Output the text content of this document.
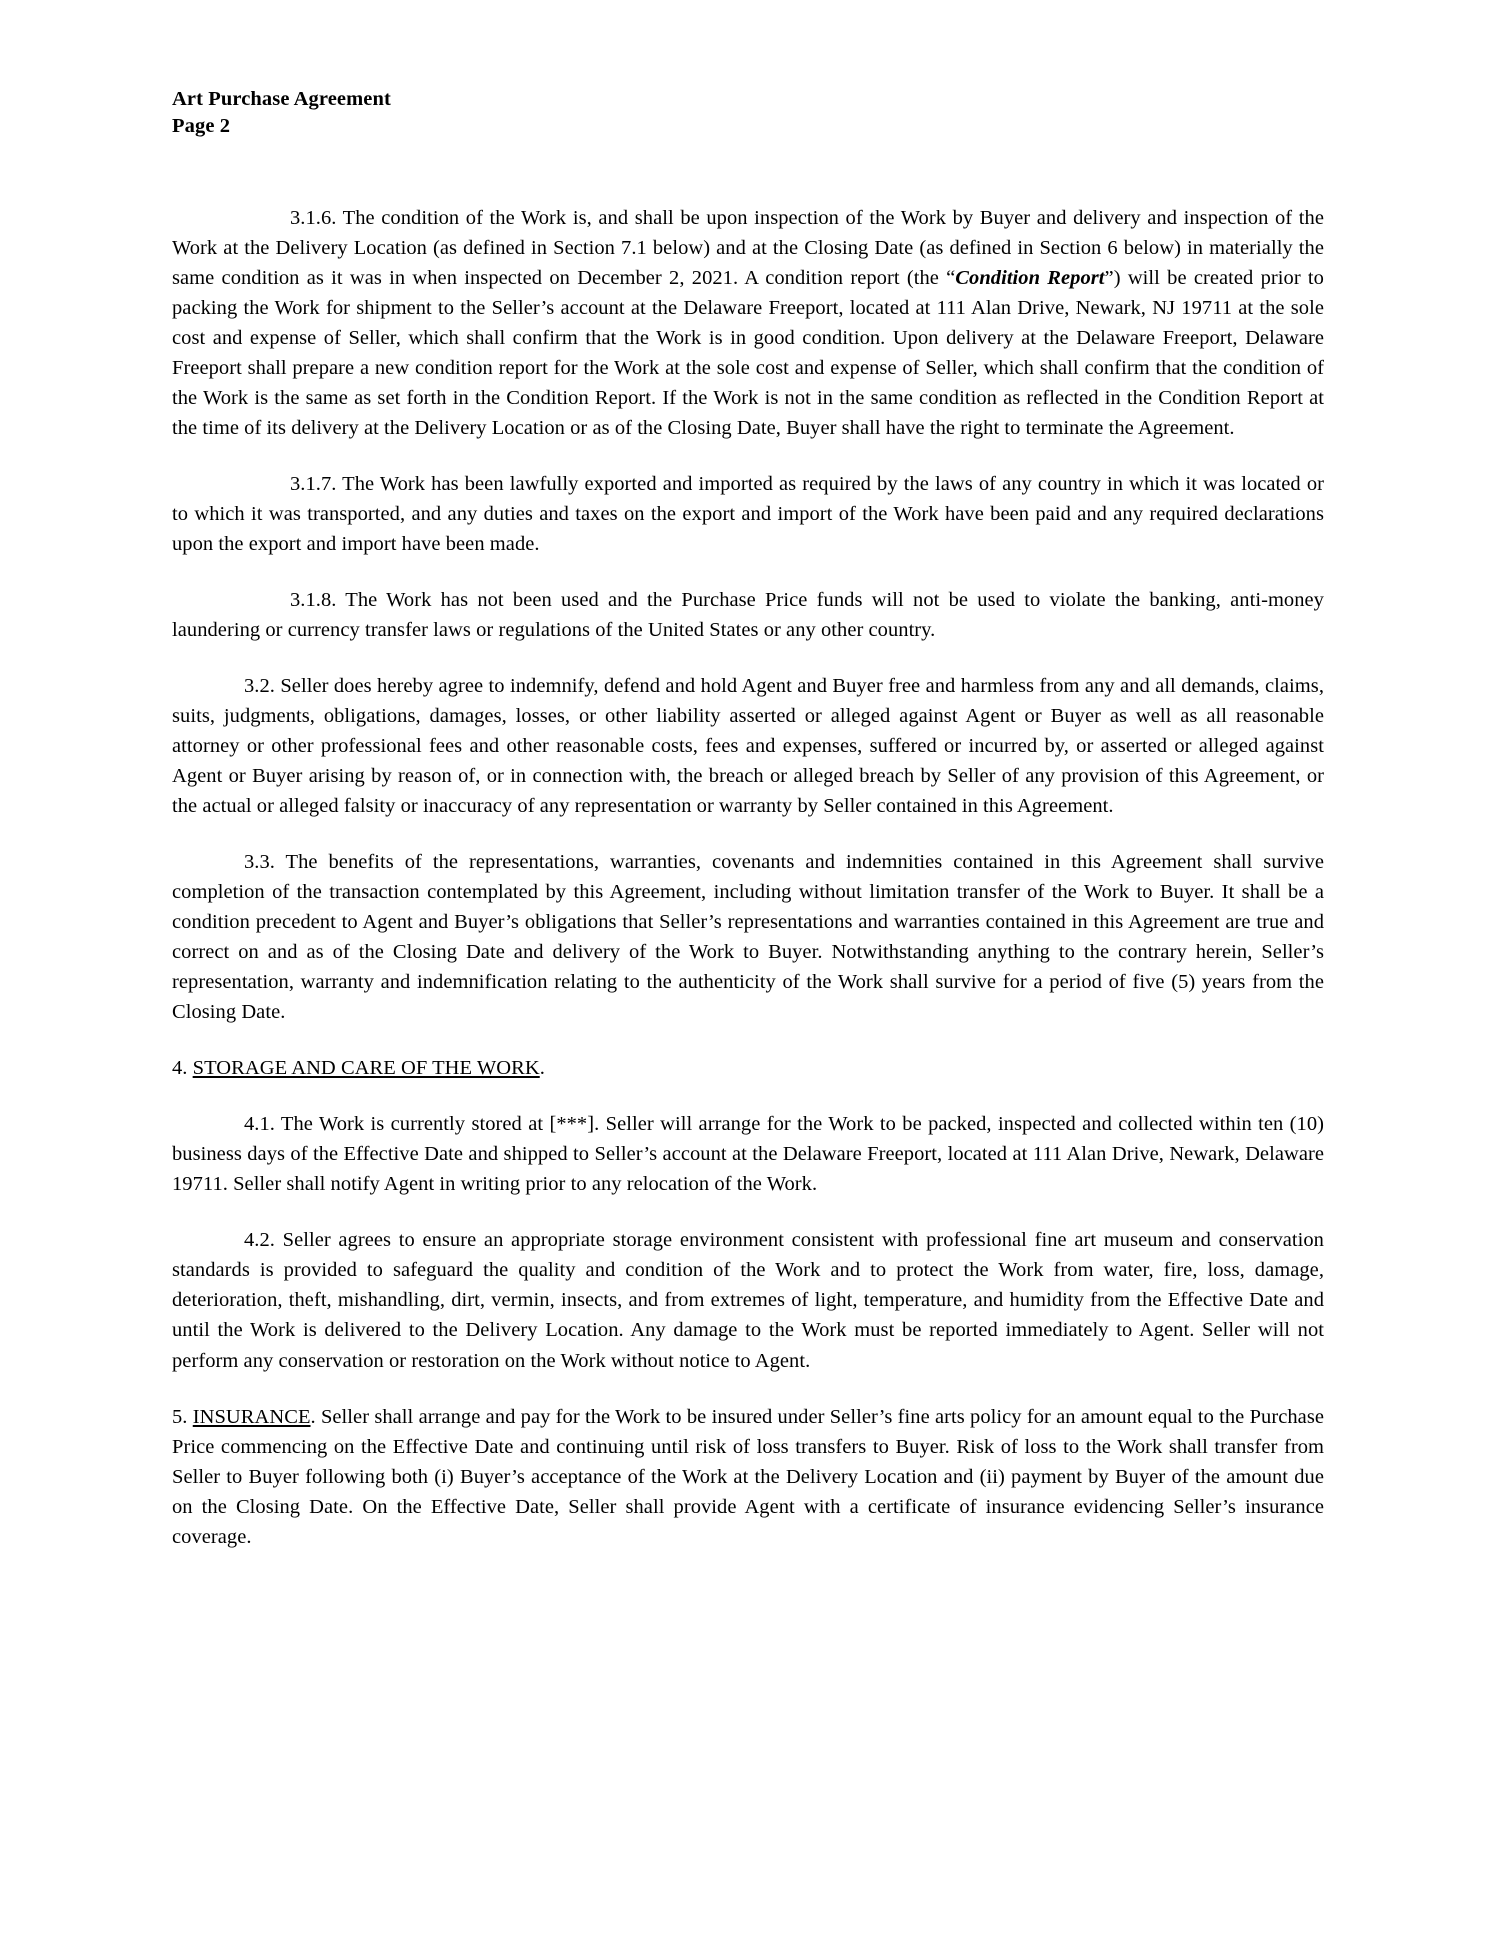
Art Purchase Agreement
Page 2

3.1.6. The condition of the Work is, and shall be upon inspection of the Work by Buyer and delivery and inspection of the Work at the Delivery Location (as defined in Section 7.1 below) and at the Closing Date (as defined in Section 6 below) in materially the same condition as it was in when inspected on December 2, 2021. A condition report (the “Condition Report”) will be created prior to packing the Work for shipment to the Seller’s account at the Delaware Freeport, located at 111 Alan Drive, Newark, NJ 19711 at the sole cost and expense of Seller, which shall confirm that the Work is in good condition. Upon delivery at the Delaware Freeport, Delaware Freeport shall prepare a new condition report for the Work at the sole cost and expense of Seller, which shall confirm that the condition of the Work is the same as set forth in the Condition Report. If the Work is not in the same condition as reflected in the Condition Report at the time of its delivery at the Delivery Location or as of the Closing Date, Buyer shall have the right to terminate the Agreement.

3.1.7. The Work has been lawfully exported and imported as required by the laws of any country in which it was located or to which it was transported, and any duties and taxes on the export and import of the Work have been paid and any required declarations upon the export and import have been made.

3.1.8. The Work has not been used and the Purchase Price funds will not be used to violate the banking, anti-money laundering or currency transfer laws or regulations of the United States or any other country.

3.2. Seller does hereby agree to indemnify, defend and hold Agent and Buyer free and harmless from any and all demands, claims, suits, judgments, obligations, damages, losses, or other liability asserted or alleged against Agent or Buyer as well as all reasonable attorney or other professional fees and other reasonable costs, fees and expenses, suffered or incurred by, or asserted or alleged against Agent or Buyer arising by reason of, or in connection with, the breach or alleged breach by Seller of any provision of this Agreement, or the actual or alleged falsity or inaccuracy of any representation or warranty by Seller contained in this Agreement.

3.3. The benefits of the representations, warranties, covenants and indemnities contained in this Agreement shall survive completion of the transaction contemplated by this Agreement, including without limitation transfer of the Work to Buyer. It shall be a condition precedent to Agent and Buyer’s obligations that Seller’s representations and warranties contained in this Agreement are true and correct on and as of the Closing Date and delivery of the Work to Buyer. Notwithstanding anything to the contrary herein, Seller’s representation, warranty and indemnification relating to the authenticity of the Work shall survive for a period of five (5) years from the Closing Date.

4. STORAGE AND CARE OF THE WORK.

4.1. The Work is currently stored at [***]. Seller will arrange for the Work to be packed, inspected and collected within ten (10) business days of the Effective Date and shipped to Seller’s account at the Delaware Freeport, located at 111 Alan Drive, Newark, Delaware 19711. Seller shall notify Agent in writing prior to any relocation of the Work.

4.2. Seller agrees to ensure an appropriate storage environment consistent with professional fine art museum and conservation standards is provided to safeguard the quality and condition of the Work and to protect the Work from water, fire, loss, damage, deterioration, theft, mishandling, dirt, vermin, insects, and from extremes of light, temperature, and humidity from the Effective Date and until the Work is delivered to the Delivery Location. Any damage to the Work must be reported immediately to Agent. Seller will not perform any conservation or restoration on the Work without notice to Agent.

5. INSURANCE. Seller shall arrange and pay for the Work to be insured under Seller’s fine arts policy for an amount equal to the Purchase Price commencing on the Effective Date and continuing until risk of loss transfers to Buyer. Risk of loss to the Work shall transfer from Seller to Buyer following both (i) Buyer’s acceptance of the Work at the Delivery Location and (ii) payment by Buyer of the amount due on the Closing Date. On the Effective Date, Seller shall provide Agent with a certificate of insurance evidencing Seller’s insurance coverage.
